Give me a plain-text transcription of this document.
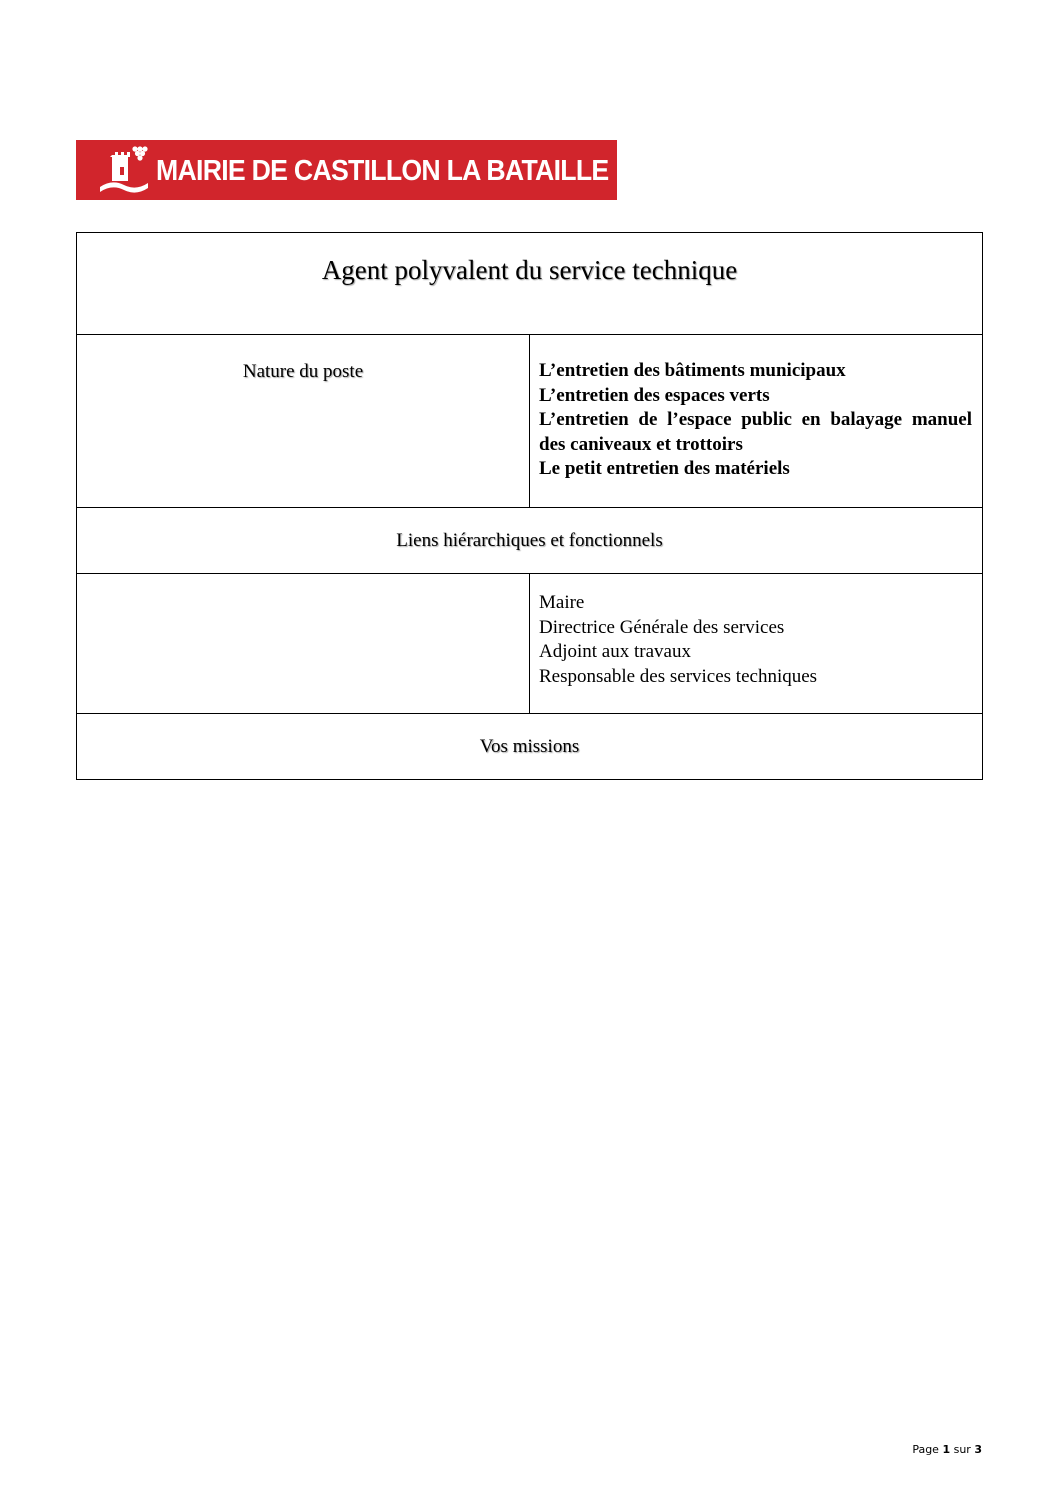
MAIRIE DE CASTILLON LA BATAILLE
Agent polyvalent du service technique	
Nature du poste	L’entretien des bâtiments municipaux
L’entretien des espaces verts
L’entretien de l’espace public en balayage manuel des caniveaux et trottoirs
Le petit entretien des matériels

Liens hiérarchiques et fonctionnels	

	Maire
Directrice Générale des services
Adjoint aux travaux
Responsable des services techniques

Vos missions	
Page 1 sur 3
